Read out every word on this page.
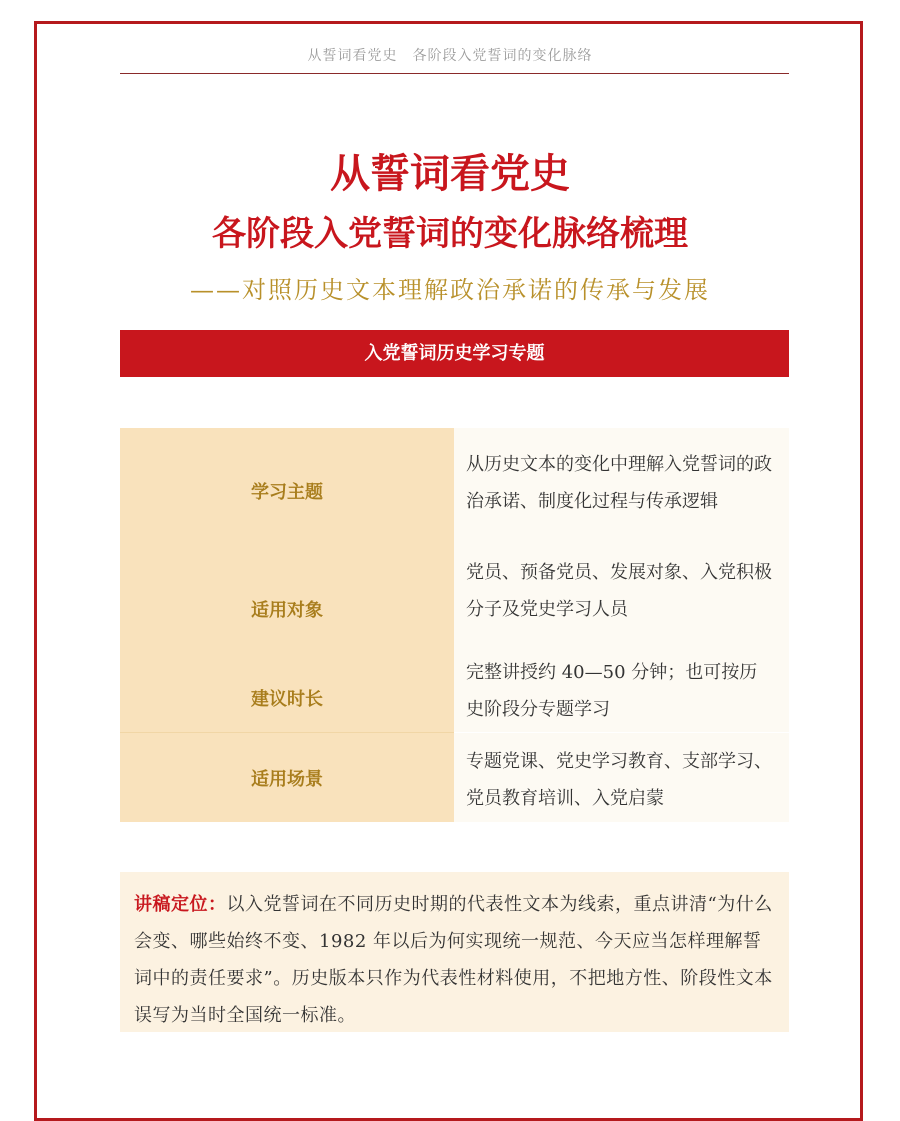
从誓词看党史　各阶段入党誓词的变化脉络
从誓词看党史
各阶段入党誓词的变化脉络梳理
——对照历史文本理解政治承诺的传承与发展
入党誓词历史学习专题
学习主题
从历史文本的变化中理解入党誓词的政治承诺、制度化过程与传承逻辑
适用对象
党员、预备党员、发展对象、入党积极分子及党史学习人员
建议时长
完整讲授约 40—50 分钟；也可按历史阶段分专题学习
适用场景
专题党课、党史学习教育、支部学习、党员教育培训、入党启蒙
讲稿定位：以入党誓词在不同历史时期的代表性文本为线索，重点讲清“为什么会变、哪些始终不变、1982 年以后为何实现统一规范、今天应当怎样理解誓词中的责任要求”。历史版本只作为代表性材料使用，不把地方性、阶段性文本误写为当时全国统一标准。
